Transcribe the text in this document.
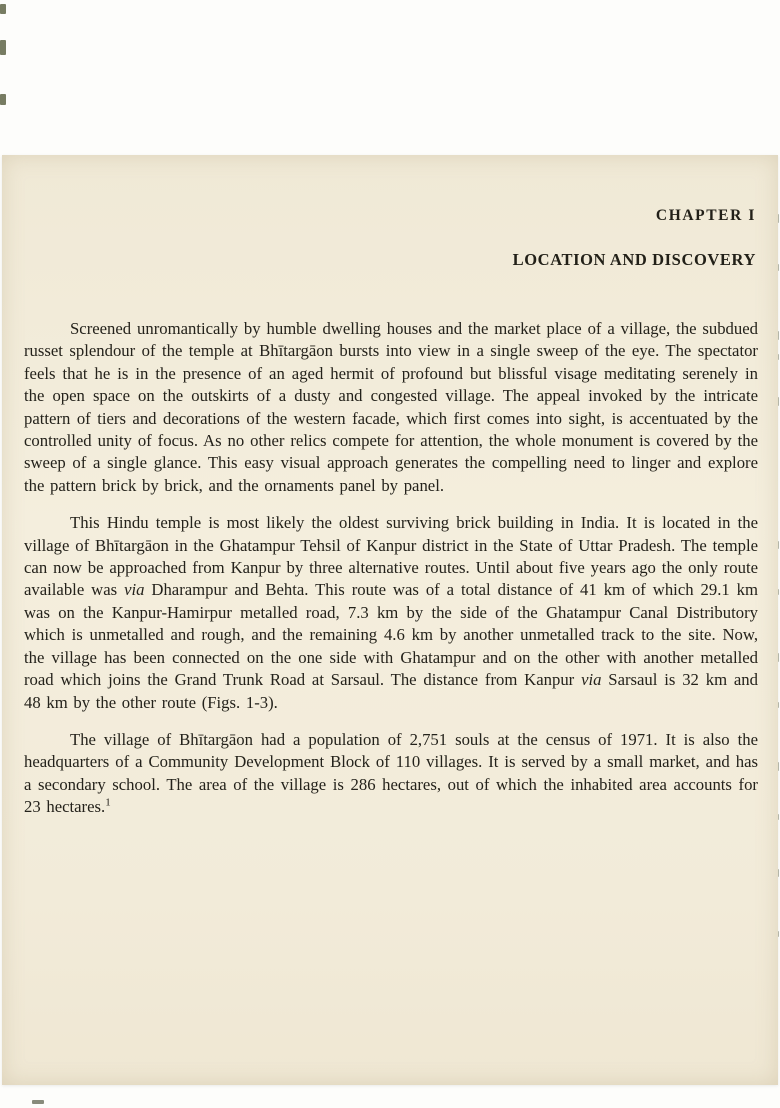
CHAPTER I
LOCATION AND DISCOVERY

Screened unromantically by humble dwelling houses and the market place of a village, the subdued russet splendour of the temple at Bhītargāon bursts into view in a single sweep of the eye. The spectator feels that he is in the presence of an aged hermit of profound but blissful visage meditating serenely in the open space on the outskirts of a dusty and congested village. The appeal invoked by the intricate pattern of tiers and decorations of the western facade, which first comes into sight, is accentuated by the controlled unity of focus. As no other relics compete for attention, the whole monument is covered by the sweep of a single glance. This easy visual approach generates the compelling need to linger and explore the pattern brick by brick, and the ornaments panel by panel.

This Hindu temple is most likely the oldest surviving brick building in India. It is located in the village of Bhītargāon in the Ghatampur Tehsil of Kanpur district in the State of Uttar Pradesh. The temple can now be approached from Kanpur by three alternative routes. Until about five years ago the only route available was via Dharampur and Behta. This route was of a total distance of 41 km of which 29.1 km was on the Kanpur-Hamirpur metalled road, 7.3 km by the side of the Ghatampur Canal Distributory which is unmetalled and rough, and the remaining 4.6 km by another unmetalled track to the site. Now, the village has been connected on the one side with Ghatampur and on the other with another metalled road which joins the Grand Trunk Road at Sarsaul. The distance from Kanpur via Sarsaul is 32 km and 48 km by the other route (Figs. 1-3).

The village of Bhītargāon had a population of 2,751 souls at the census of 1971. It is also the headquarters of a Community Development Block of 110 villages. It is served by a small market, and has a secondary school. The area of the village is 286 hectares, out of which the inhabited area accounts for 23 hectares.$^1$
